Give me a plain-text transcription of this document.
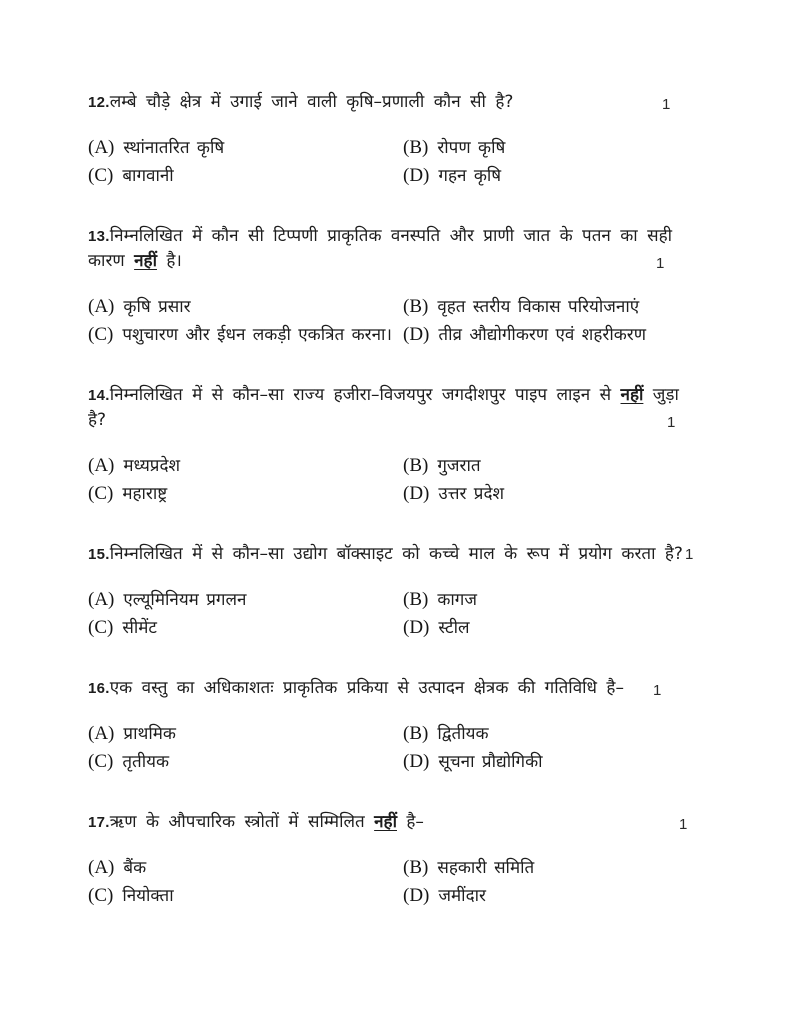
12.लम्बे चौड़े क्षेत्र में उगाई जाने वाली कृषि–प्रणाली कौन सी है?	1
(A) स्थांनातरित कृषि	(B) रोपण कृषि
(C) बागवानी	(D) गहन कृषि
13.निम्नलिखित में कौन सी टिप्पणी प्राकृतिक वनस्पति और प्राणी जात के पतन का सही
कारण नहीं है।	1
(A) कृषि प्रसार	(B) वृहत स्तरीय विकास परियोजनाएं
(C) पशुचारण और ईधन लकड़ी एकत्रित करना। (D) तीव्र औद्योगीकरण एवं शहरीकरण
14.निम्नलिखित में से कौन–सा राज्य हजीरा–विजयपुर जगदीशपुर पाइप लाइन से नहीं जुड़ा
है?	1
(A) मध्यप्रदेश	(B) गुजरात
(C) महाराष्ट्र	(D) उत्तर प्रदेश
15.निम्नलिखित में से कौन–सा उद्योग बॉक्साइट को कच्चे माल के रूप में प्रयोग करता है? 1
(A) एल्यूमिनियम प्रगलन	(B) कागज
(C) सीमेंट	(D) स्टील
16.एक वस्तु का अधिकाशतः प्राकृतिक प्रकिया से उत्पादन क्षेत्रक की गतिविधि है– 1
(A) प्राथमिक	(B) द्वितीयक
(C) तृतीयक	(D) सूचना प्रौद्योगिकी
17.ऋण के औपचारिक स्त्रोतों में सम्मिलित नहीं है–	1
(A) बैंक	(B) सहकारी समिति
(C) नियोक्ता	(D) जमींदार
